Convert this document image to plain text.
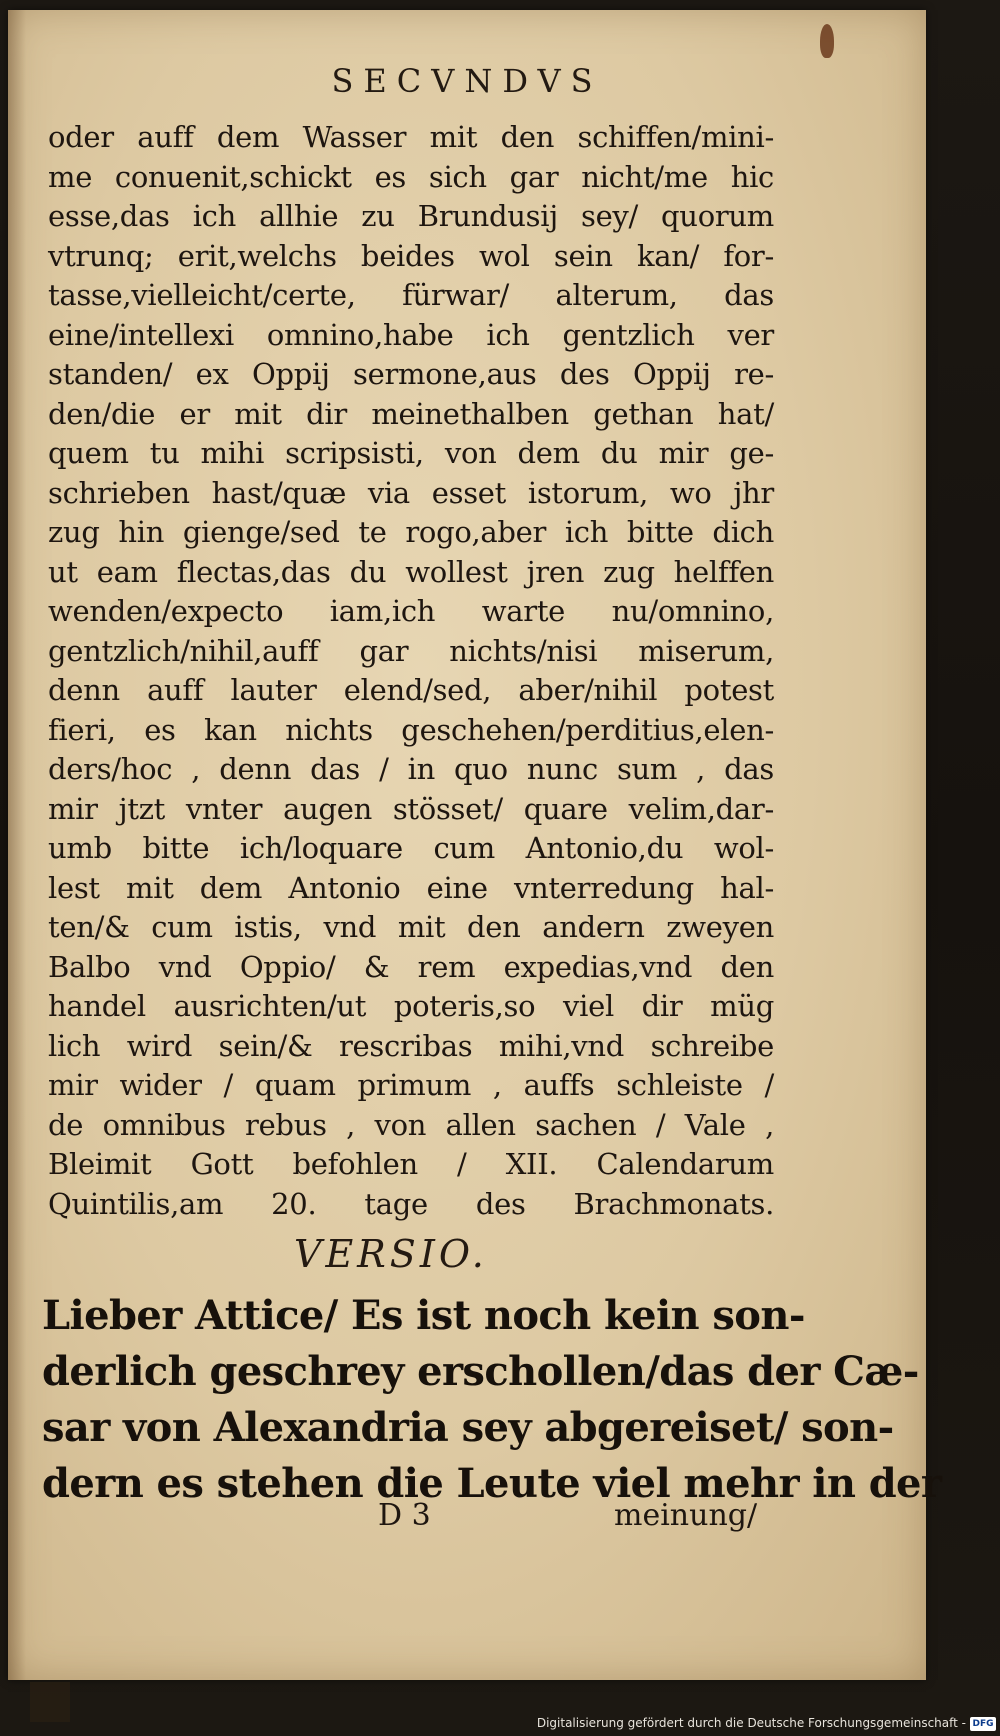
SECVNDVS
oder auff dem Wasser mit den schiffen/mini-
me conuenit,schickt es sich gar nicht/me hic
esse,das ich allhie zu Brundusij sey/ quorum
vtrunq; erit,welchs beides wol sein kan/ for-
tasse,vielleicht/certe, fürwar/ alterum, das
eine/intellexi omnino,habe ich gentzlich ver
standen/ ex Oppij sermone,aus des Oppij re-
den/die er mit dir meinethalben gethan hat/
quem tu mihi scripsisti, von dem du mir ge-
schrieben hast/quæ via esset istorum, wo jhr
zug hin gienge/sed te rogo,aber ich bitte dich
ut eam flectas,das du wollest jren zug helffen
wenden/expecto iam,ich warte nu/omnino,
gentzlich/nihil,auff gar nichts/nisi miserum,
denn auff lauter elend/sed, aber/nihil potest
fieri, es kan nichts geschehen/perditius,elen-
ders/hoc , denn das / in quo nunc sum , das
mir jtzt vnter augen stösset/ quare velim,dar-
umb bitte ich/loquare cum Antonio,du wol-
lest mit dem Antonio eine vnterredung hal-
ten/& cum istis, vnd mit den andern zweyen
Balbo vnd Oppio/ & rem expedias,vnd den
handel ausrichten/ut poteris,so viel dir müg
lich wird sein/& rescribas mihi,vnd schreibe
mir wider / quam primum , auffs schleiste /
de omnibus rebus , von allen sachen / Vale ,
Bleimit Gott befohlen / XII. Calendarum
Quintilis,am 20. tage des Brachmonats.
VERSIO.
Lieber Attice/ Es ist noch kein son-
derlich geschrey erschollen/das der Cæ-
sar von Alexandria sey abgereiset/ son-
dern es stehen die Leute viel mehr in der
D 3	meinung/
Digitalisierung gefördert durch die Deutsche Forschungsgemeinschaft - DFG
